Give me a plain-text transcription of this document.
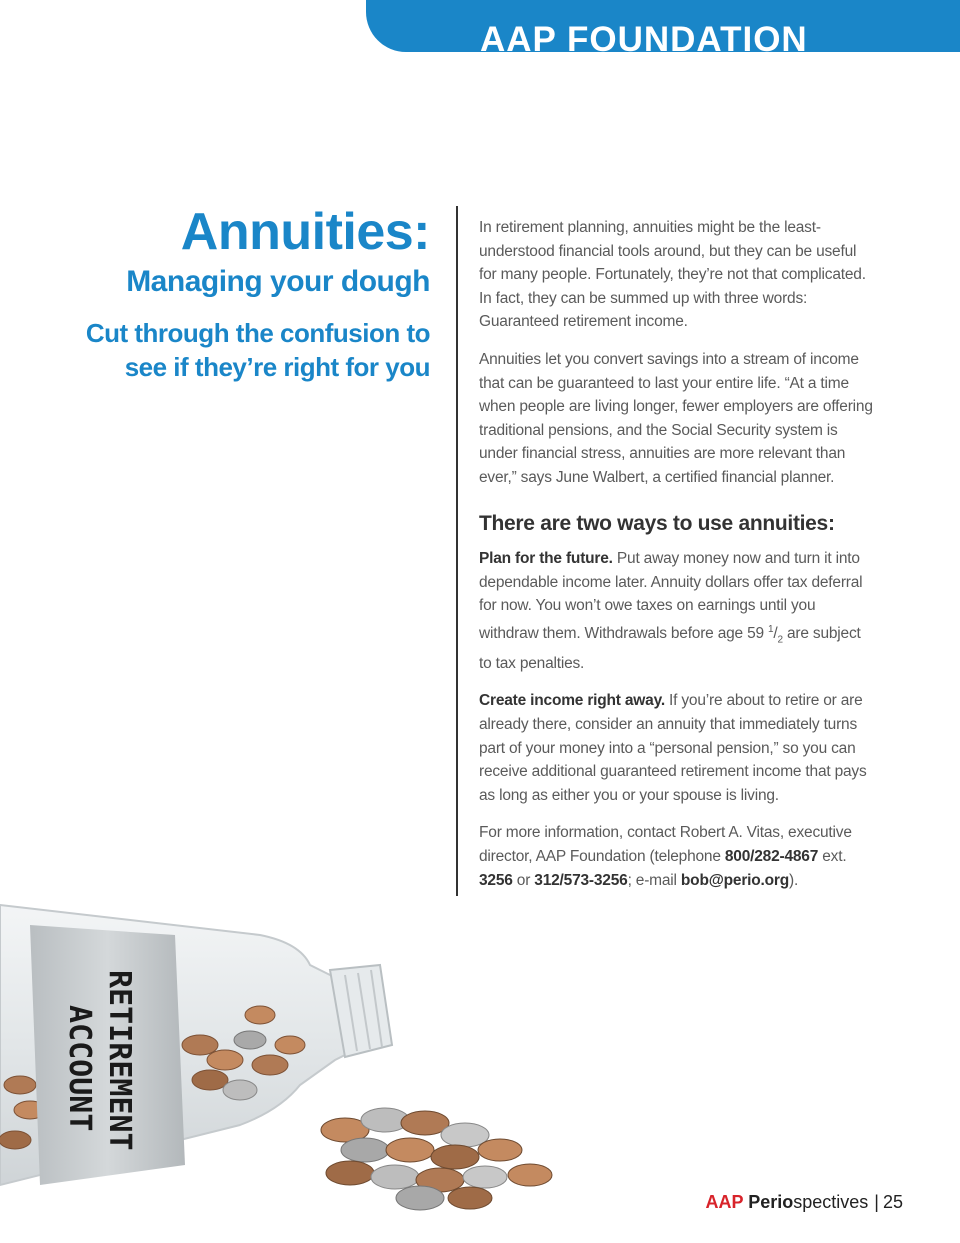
AAP FOUNDATION
Annuities:
Managing your dough
Cut through the confusion to
see if they’re right for you

In retirement planning, annuities might be the least-understood financial tools around, but they can be useful for many people. Fortunately, they’re not that complicated. In fact, they can be summed up with three words: Guaranteed retirement income.

Annuities let you convert savings into a stream of income that can be guaranteed to last your entire life. “At a time when people are living longer, fewer employers are offering traditional pensions, and the Social Security system is under financial stress, annuities are more relevant than ever,” says June Walbert, a certified financial planner.

There are two ways to use annuities:

Plan for the future. Put away money now and turn it into dependable income later. Annuity dollars offer tax deferral for now. You won’t owe taxes on earnings until you withdraw them. Withdrawals before age 59 $^1/_2$ are subject to tax penalties.

Create income right away. If you’re about to retire or are already there, consider an annuity that immediately turns part of your money into a “personal pension,” so you can receive additional guaranteed retirement income that pays as long as either you or your spouse is living.

For more information, contact Robert A. Vitas, executive director, AAP Foundation (telephone 800/282-4867 ext. 3256 or 312/573-3256; e-mail bob@perio.org).

RETIREMENT
ACCOUNT
AAP Periospectives | 25
